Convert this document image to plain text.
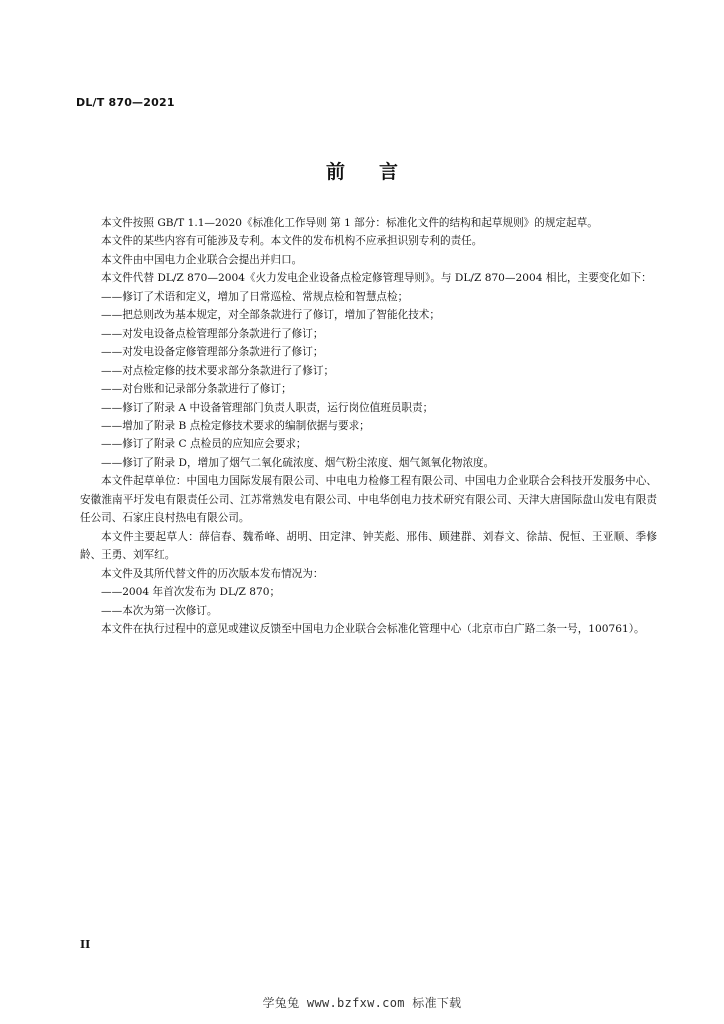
DL/T 870—2021
前言

本文件按照 GB/T 1.1—2020《标准化工作导则 第 1 部分：标准化文件的结构和起草规则》的规定起草。

本文件的某些内容有可能涉及专利。本文件的发布机构不应承担识别专利的责任。

本文件由中国电力企业联合会提出并归口。

本文件代替 DL/Z 870—2004《火力发电企业设备点检定修管理导则》。与 DL/Z 870—2004 相比，主要变化如下：

——修订了术语和定义，增加了日常巡检、常规点检和智慧点检；

——把总则改为基本规定，对全部条款进行了修订，增加了智能化技术；

——对发电设备点检管理部分条款进行了修订；

——对发电设备定修管理部分条款进行了修订；

——对点检定修的技术要求部分条款进行了修订；

——对台账和记录部分条款进行了修订；

——修订了附录 A 中设备管理部门负责人职责，运行岗位值班员职责；

——增加了附录 B 点检定修技术要求的编制依据与要求；

——修订了附录 C 点检员的应知应会要求；

——修订了附录 D，增加了烟气二氧化硫浓度、烟气粉尘浓度、烟气氮氧化物浓度。

本文件起草单位：中国电力国际发展有限公司、中电电力检修工程有限公司、中国电力企业联合会科技开发服务中心、安徽淮南平圩发电有限责任公司、江苏常熟发电有限公司、中电华创电力技术研究有限公司、天津大唐国际盘山发电有限责任公司、石家庄良村热电有限公司。

本文件主要起草人：薛信春、魏希峰、胡明、田定津、钟芙彪、邢伟、顾建群、刘春文、徐喆、倪恒、王亚顺、季修龄、王勇、刘军红。

本文件及其所代替文件的历次版本发布情况为：

——2004 年首次发布为 DL/Z 870；

——本次为第一次修订。

本文件在执行过程中的意见或建议反馈至中国电力企业联合会标准化管理中心（北京市白广路二条一号，100761）。

II
学兔兔 www.bzfxw.com 标准下载
